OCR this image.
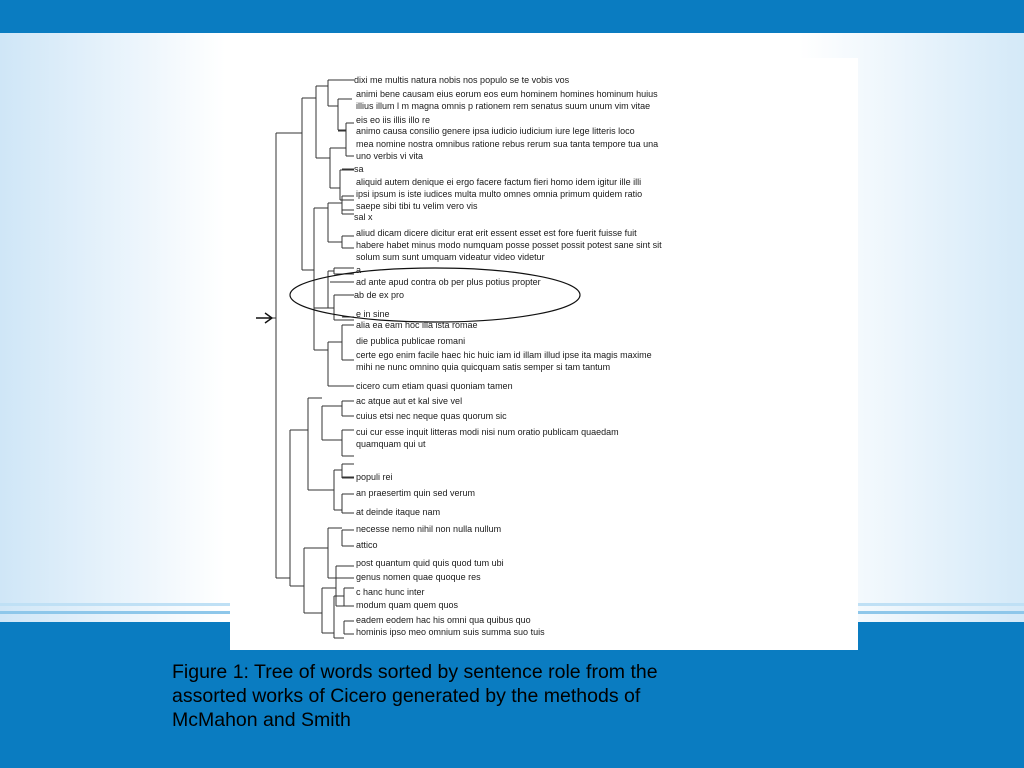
dixi me multis natura nobis nos populo se te vobis vos
animi bene causam eius eorum eos eum hominem homines hominum huius
illius illum l m magna omnis p rationem rem senatus suum unum vim vitae
eis eo iis illis illo re
animo causa consilio genere ipsa iudicio iudicium iure lege litteris loco
mea nomine nostra omnibus ratione rebus rerum sua tanta tempore tua una
uno verbis vi vita
sa
aliquid autem denique ei ergo facere factum fieri homo idem igitur ille illi
ipsi ipsum is iste iudices multa multo omnes omnia primum quidem ratio
saepe sibi tibi tu velim vero vis
sal x
aliud dicam dicere dicitur erat erit essent esset est fore fuerit fuisse fuit
habere habet minus modo numquam posse posset possit potest sane sint sit
solum sum sunt umquam videatur video videtur
a
ad ante apud contra ob per plus potius propter
ab de ex pro
e in sine
alia ea eam hoc illa ista romae
die publica publicae romani
certe ego enim facile haec hic huic iam id illam illud ipse ita magis maxime
mihi ne nunc omnino quia quicquam satis semper si tam tantum
cicero cum etiam quasi quoniam tamen
ac atque aut et kal sive vel
cuius etsi nec neque quas quorum sic
cui cur esse inquit litteras modi nisi num oratio publicam quaedam
quamquam qui ut
populi rei
an praesertim quin sed verum
at deinde itaque nam
necesse nemo nihil non nulla nullum
attico
post quantum quid quis quod tum ubi
genus nomen quae quoque res
c hanc hunc inter
modum quam quem quos
eadem eodem hac his omni qua quibus quo
hominis ipso meo omnium suis summa suo tuis

Figure 1: Tree of words sorted by sentence role from the
assorted works of Cicero generated by the methods of
McMahon and Smith
